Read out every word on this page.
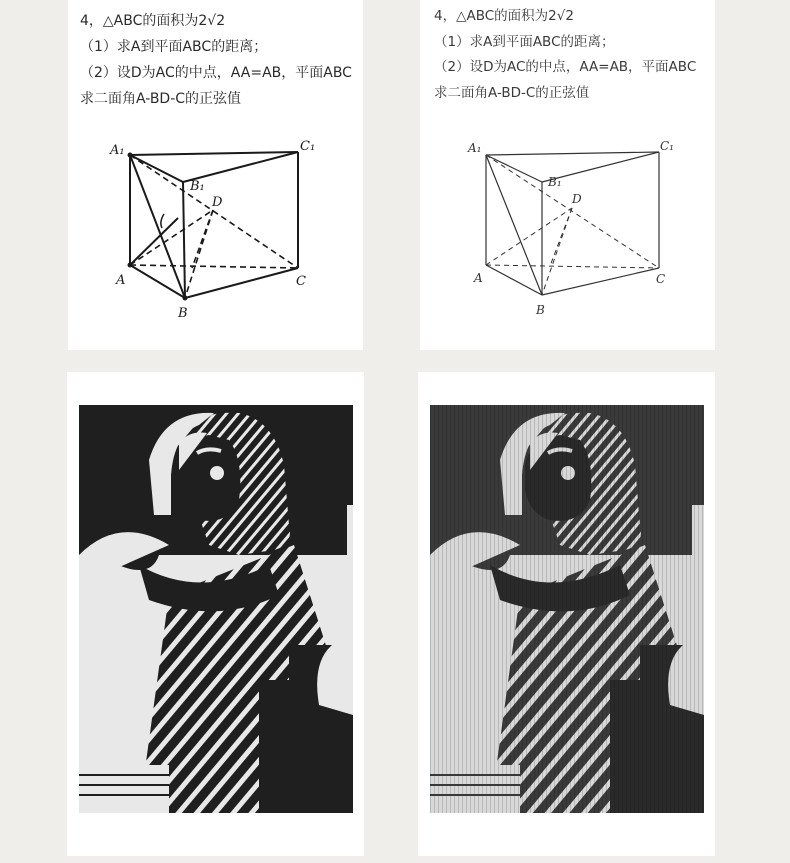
4，△ABC的面积为2√2
（1）求A到平面ABC的距离；
（2）设D为AC的中点，AA=AB，平面ABC
求二面角A-BD-C的正弦值
A₁
B₁
C₁
D
A
B
C
4，△ABC的面积为2√2
（1）求A到平面ABC的距离；
（2）设D为AC的中点，AA=AB，平面ABC
求二面角A-BD-C的正弦值
A₁
B₁
C₁
D
A
B
C
